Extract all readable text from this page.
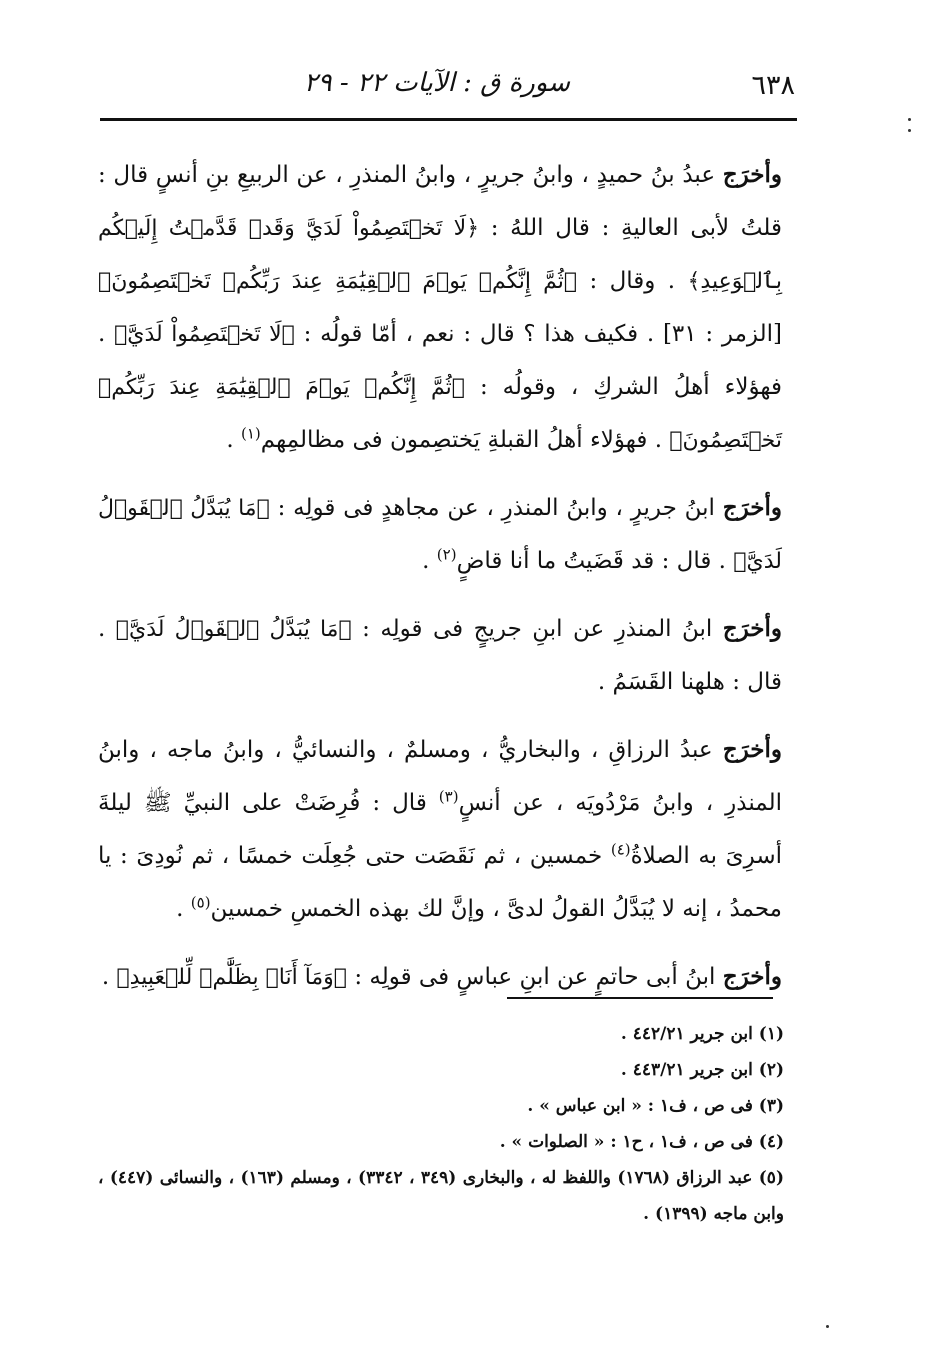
٦٣٨
سورة ق : الآيات ٢٢ - ٢٩

وأخرَج عبدُ بنُ حميدٍ ، وابنُ جريرٍ ، وابنُ المنذرِ ، عن الربيعِ بنِ أنسٍ قال : قلتُ لأبى العاليةِ : قال اللهُ : ﴿لَا تَخۡتَصِمُواْ لَدَيَّ وَقَدۡ قَدَّمۡتُ إِلَيۡكُم بِٱلۡوَعِيدِ﴾ . وقال : ﴿ثُمَّ إِنَّكُمۡ يَوۡمَ ٱلۡقِيَٰمَةِ عِندَ رَبِّكُمۡ تَخۡتَصِمُونَ﴾ [الزمر : ٣١] . فكيف هذا ؟ قال : نعم ، أمّا قولُه : ﴿لَا تَخۡتَصِمُواْ لَدَيَّ﴾ . فهؤلاء أهلُ الشركِ ، وقولُه : ﴿ثُمَّ إِنَّكُمۡ يَوۡمَ ٱلۡقِيَٰمَةِ عِندَ رَبِّكُمۡ تَخۡتَصِمُونَ﴾ . فهؤلاء أهلُ القبلةِ يَختصِمون فى مظالمِهم$^{(١)}$ .

وأخرَج ابنُ جريرٍ ، وابنُ المنذرِ ، عن مجاهدٍ فى قولِه : ﴿مَا يُبَدَّلُ ٱلۡقَوۡلُ لَدَيَّ﴾ . قال : قد قَضَيتُ ما أنا قاضٍ$^{(٢)}$ .

وأخرَج ابنُ المنذرِ عن ابنِ جريجٍ فى قولِه : ﴿مَا يُبَدَّلُ ٱلۡقَوۡلُ لَدَيَّ﴾ . قال : هلهنا القَسَمُ .

وأخرَج عبدُ الرزاقِ ، والبخاريُّ ، ومسلمٌ ، والنسائيُّ ، وابنُ ماجه ، وابنُ المنذرِ ، وابنُ مَرْدُويَه ، عن أنسٍ$^{(٣)}$ قال : فُرِضَتْ على النبيِّ ﷺ ليلةَ أسرِىَ به الصلاةُ$^{(٤)}$ خمسين ، ثم نَقَصَت حتى جُعِلَت خمسًا ، ثم نُودِىَ : يا محمدُ ، إنه لا يُبَدَّلُ القولُ لدىَّ ، وإنَّ لك بهذه الخمسِ خمسين$^{(٥)}$ .

وأخرَج ابنُ أبى حاتمٍ عن ابنِ عباسٍ فى قولِه : ﴿وَمَآ أَنَا۠ بِظَلَّٰمٖ لِّلۡعَبِيدِ﴾ .

(١) ابن جرير ٤٤٢/٢١ .

(٢) ابن جرير ٤٤٣/٢١ .

(٣) فى ص ، ف١ : « ابن عباس » .

(٤) فى ص ، ف١ ، ح١ : « الصلوات » .

(٥) عبد الرزاق (١٧٦٨) واللفظ له ، والبخارى (٣٤٩ ، ٣٣٤٢) ، ومسلم (١٦٣) ، والنسائى (٤٤٧) ، وابن ماجه (١٣٩٩) .
